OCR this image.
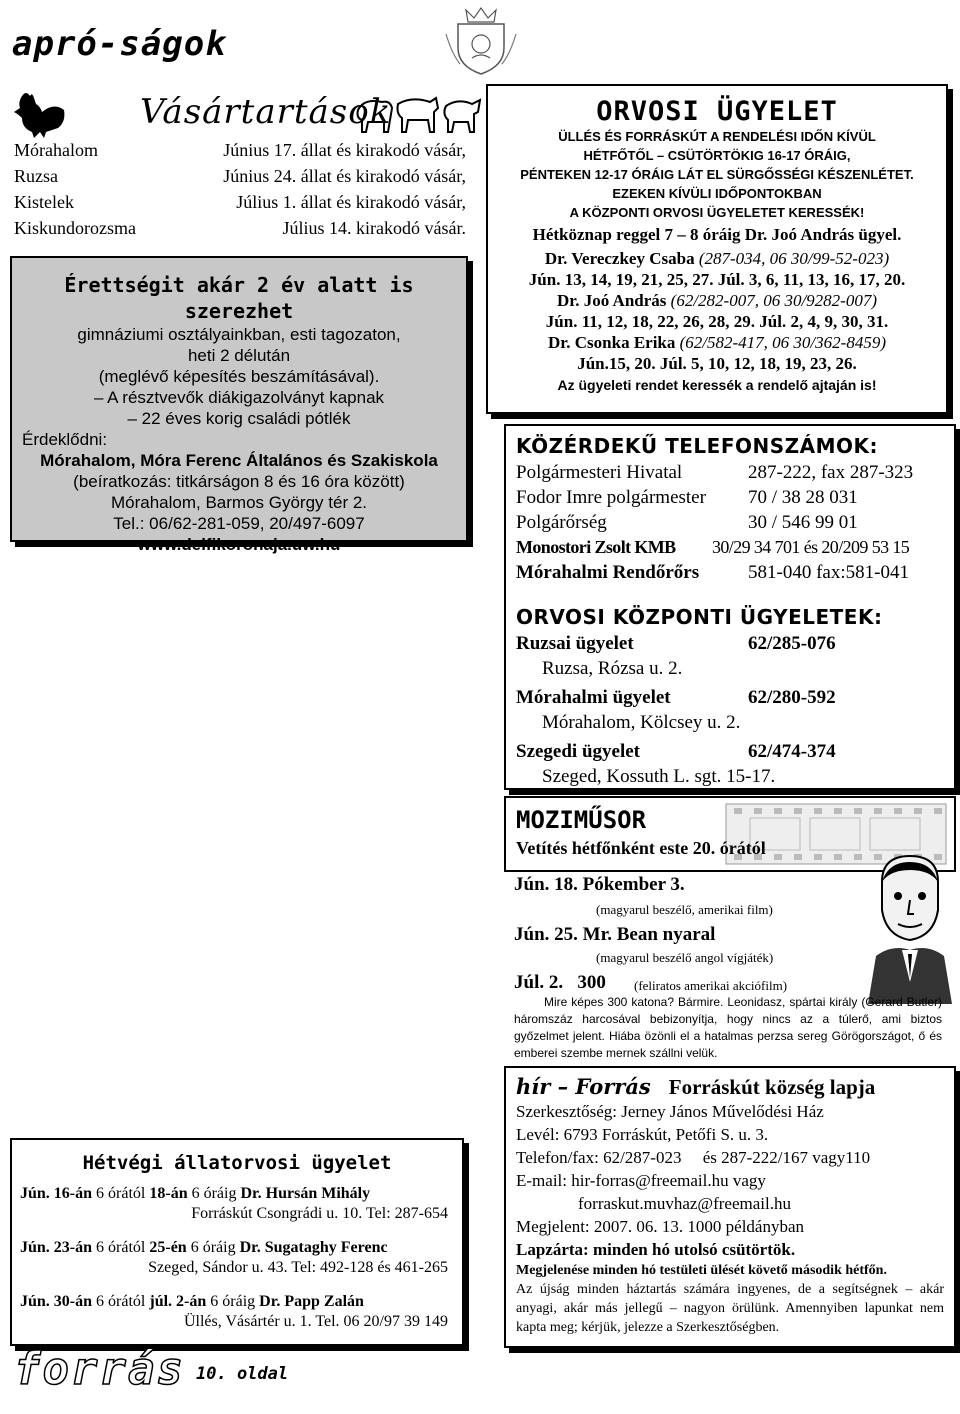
apró-ságok
Vásártartások
Mórahalom	Június 17. állat és kirakodó vásár,
Ruzsa	Június 24. állat és kirakodó vásár,
Kistelek	Július 1. állat és kirakodó vásár,
Kiskundorozsma	Július 14. kirakodó vásár.
Érettségit akár 2 év alatt is szerezhet
gimnáziumi osztályainkban, esti tagozaton,
heti 2 délután
(meglévő képesítés beszámításával).
– A résztvevők diákigazolványt kapnak
– 22 éves korig családi pótlék
Érdeklődni:
Mórahalom, Móra Ferenc Általános és Szakiskola
(beíratkozás: titkárságon 8 és 16 óra között)
Mórahalom, Barmos György tér 2.
Tel.: 06/62-281-059, 20/497-6097
www.delfikoronaja.uw.hu
ORVOSI ÜGYELET
ÜLLÉS ÉS FORRÁSKÚT A RENDELÉSI IDŐN KÍVÜL
HÉTFŐTŐL – CSÜTÖRTÖKIG 16-17 ÓRÁIG,
PÉNTEKEN 12-17 ÓRÁIG LÁT EL SÜRGŐSSÉGI KÉSZENLÉTET.
EZEKEN KÍVÜLI IDŐPONTOKBAN
A KÖZPONTI ORVOSI ÜGYELETET KERESSÉK!
Hétköznap reggel 7 – 8 óráig Dr. Joó András ügyel.
Dr. Vereczkey Csaba (287-034, 06 30/99-52-023)
Jún. 13, 14, 19, 21, 25, 27. Júl. 3, 6, 11, 13, 16, 17, 20.
Dr. Joó András (62/282-007, 06 30/9282-007)
Jún. 11, 12, 18, 22, 26, 28, 29. Júl. 2, 4, 9, 30, 31.
Dr. Csonka Erika (62/582-417, 06 30/362-8459)
Jún.15, 20. Júl. 5, 10, 12, 18, 19, 23, 26.
Az ügyeleti rendet keressék a rendelő ajtaján is!
KÖZÉRDEKŰ TELEFONSZÁMOK:
Polgármesteri Hivatal	287-222, fax 287-323
Fodor Imre polgármester 70 / 38 28 031
Polgárőrség	30 / 546 99 01
Monostori Zsolt KMB 30/29 34 701 és 20/209 53 15
Mórahalmi Rendőrőrs	581-040 fax:581-041
ORVOSI KÖZPONTI ÜGYELETEK:
Ruzsai ügyelet	62/285-076
Ruzsa, Rózsa u. 2.
Mórahalmi ügyelet	62/280-592
Mórahalom, Kölcsey u. 2.
Szegedi ügyelet	62/474-374
Szeged, Kossuth L. sgt. 15-17.
MOZIMŰSOR
Vetítés hétfőnként este 20. órától
Jún. 18. Pókember 3.
(magyarul beszélő, amerikai film)
Jún. 25. Mr. Bean nyaral
(magyarul beszélő angol vígjáték)
Júl. 2.   300 (feliratos amerikai akciófilm)
Mire képes 300 katona? Bármire. Leonidasz, spártai király (Gerard Butler) háromszáz harcosával bebizonyítja, hogy nincs az a túlerő, ami biztos győzelmet jelent. Hiába özönli el a hatalmas perzsa sereg Görögországot, ő és emberei szembe mernek szállni velük.
hír – Forrás Forráskút község lapja
Szerkesztőség: Jerney János Művelődési Ház
Levél: 6793 Forráskút, Petőfi S. u. 3.
Telefon/fax: 62/287-023     és 287-222/167 vagy110
E-mail: hir-forras@freemail.hu vagy
forraskut.muvhaz@freemail.hu
Megjelent: 2007. 06. 13. 1000 példányban
Lapzárta: minden hó utolsó csütörtök.
Megjelenése minden hó testületi ülését követő második hétfőn.
Az újság minden háztartás számára ingyenes, de a segítségnek – akár anyagi, akár más jellegű – nagyon örülünk. Amennyiben lapunkat nem kapta meg; kérjük, jelezze a Szerkesztőségben.
Hétvégi állatorvosi ügyelet
Jún. 16-án 6 órától 18-án 6 óráig Dr. Hursán Mihály
Forráskút Csongrádi u. 10. Tel: 287-654
Jún. 23-án 6 órától 25-én 6 óráig Dr. Sugataghy Ferenc
Szeged, Sándor u. 43. Tel: 492-128 és 461-265
Jún. 30-án 6 órától júl. 2-án 6 óráig Dr. Papp Zalán
Üllés, Vásártér u. 1. Tel. 06 20/97 39 149
forrás 10. oldal
